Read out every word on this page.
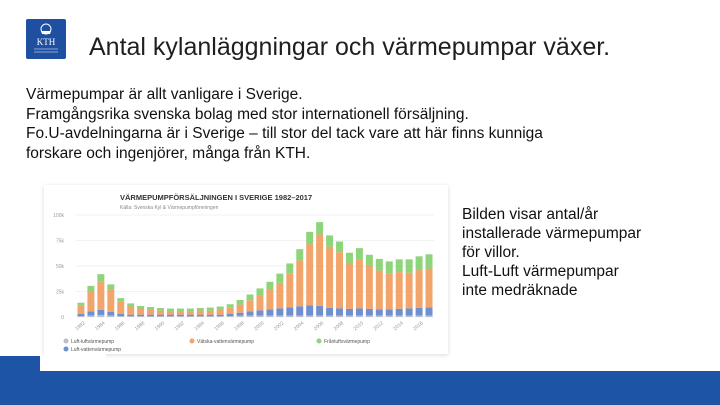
KTH Antal kylanläggningar och värmepumpar växer.
Värmepumpar är allt vanligare i Sverige.
Framgångsrika svenska bolag med stor internationell försäljning.
Fo.U-avdelningarna är i Sverige – till stor del tack vare att här finns kunniga
forskare och ingenjörer, många från KTH.
VÄRMEPUMPFÖRSÄLJNINGEN I SVERIGE 1982–2017
Källa: Svenska Kyl & Värmepumpföreningen
0
25k
50k
75k
100k
1982 1984 1986 1988 1990 1992 1994 1996 1998 2000 2002 2004 2006 2008 2010 2012 2014 2016
Luft-luftvärmepump
Luft-vattenvärmepump
Vätska-vattenvärmepump	Frånluftsvärmepump
Bilden visar antal/år
installerade värmepumpar
för villor.
Luft-Luft värmepumpar
inte medräknade
